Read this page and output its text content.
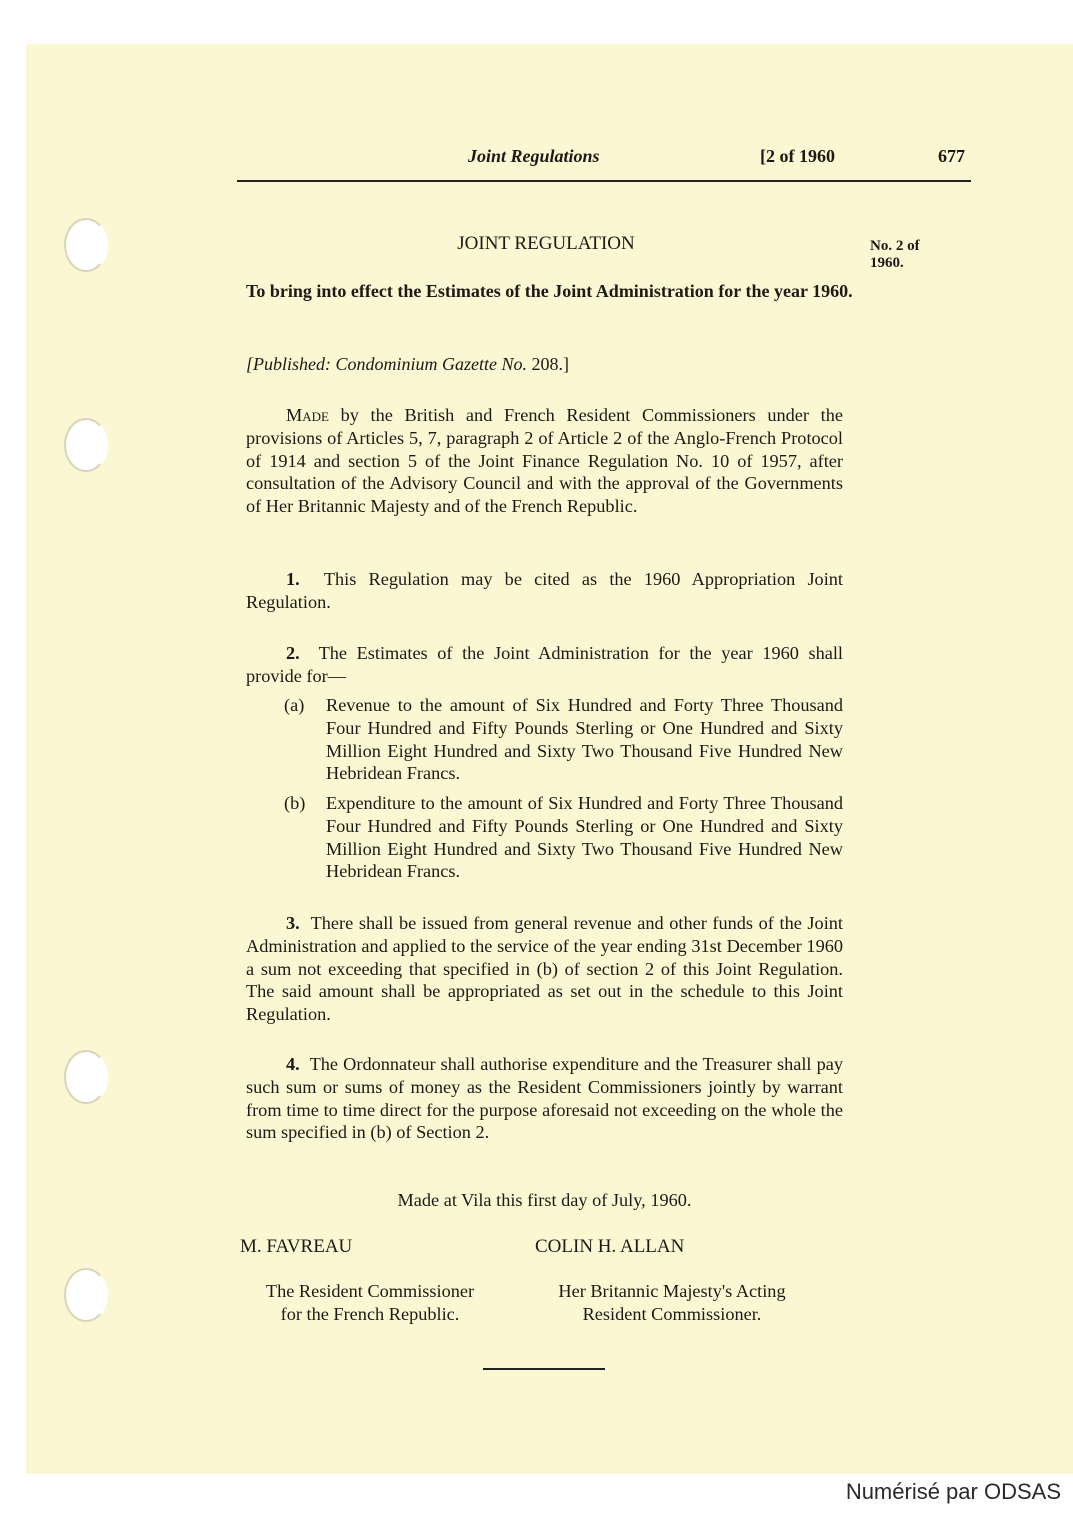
Joint Regulations	[2 of 1960	677
JOINT REGULATION	No. 2 of 1960.
To bring into effect the Estimates of the Joint Administration for the year 1960.
[Published: Condominium Gazette No. 208.]
Made by the British and French Resident Commissioners under the provisions of Articles 5, 7, paragraph 2 of Article 2 of the Anglo-French Protocol of 1914 and section 5 of the Joint Finance Regulation No. 10 of 1957, after consultation of the Advisory Council and with the approval of the Governments of Her Britannic Majesty and of the French Republic.
1. This Regulation may be cited as the 1960 Appropriation Joint Regulation.
2. The Estimates of the Joint Administration for the year 1960 shall provide for—
(a) Revenue to the amount of Six Hundred and Forty Three Thousand Four Hundred and Fifty Pounds Sterling or One Hundred and Sixty Million Eight Hundred and Sixty Two Thousand Five Hundred New Hebridean Francs.
(b) Expenditure to the amount of Six Hundred and Forty Three Thousand Four Hundred and Fifty Pounds Sterling or One Hundred and Sixty Million Eight Hundred and Sixty Two Thousand Five Hundred New Hebridean Francs.
3. There shall be issued from general revenue and other funds of the Joint Administration and applied to the service of the year ending 31st December 1960 a sum not exceeding that specified in (b) of section 2 of this Joint Regulation. The said amount shall be appropriated as set out in the schedule to this Joint Regulation.
4. The Ordonnateur shall authorise expenditure and the Treasurer shall pay such sum or sums of money as the Resident Commissioners jointly by warrant from time to time direct for the purpose aforesaid not exceeding on the whole the sum specified in (b) of Section 2.
Made at Vila this first day of July, 1960.
M. FAVREAU	COLIN H. ALLAN
The Resident Commissioner
for the French Republic.
Her Britannic Majesty's Acting
Resident Commissioner.
Numérisé par ODSAS
